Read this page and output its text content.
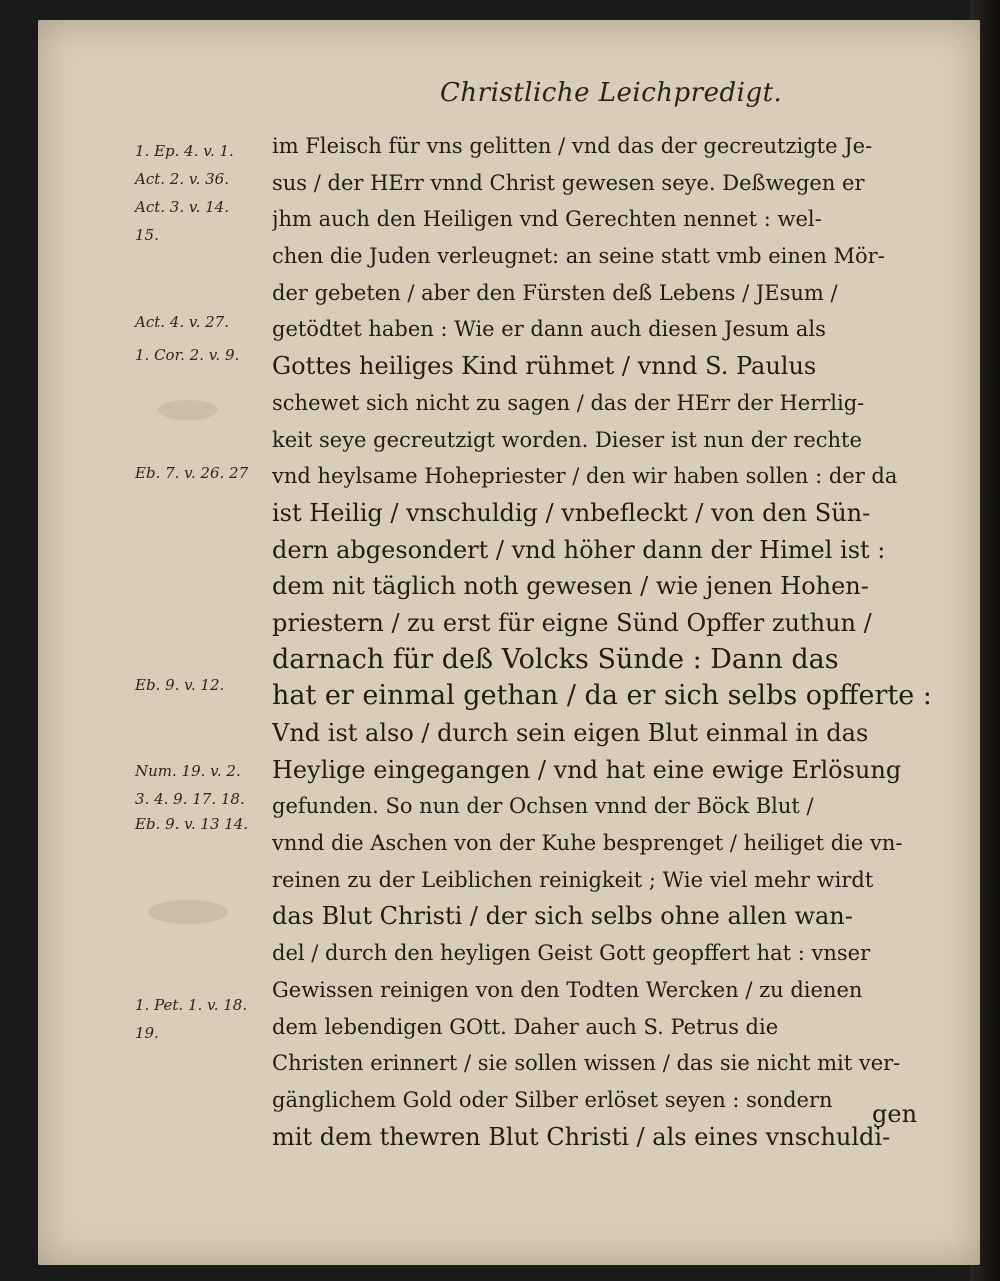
Christliche Leichpredigt.
1. Ep. 4. v. 1.
Act. 2. v. 36.
Act. 3. v. 14.
15.
Act. 4. v. 27.
1. Cor. 2. v. 9.
Eb. 7. v. 26. 27
Eb. 9. v. 12.
Num. 19. v. 2.
3. 4. 9. 17. 18.
Eb. 9. v. 13 14.
1. Pet. 1. v. 18.
19.
im Fleisch für vns gelitten / vnd das der gecreutzigte Je-
sus / der HErr vnnd Christ gewesen seye. Deßwegen er
jhm auch den Heiligen vnd Gerechten nennet : wel-
chen die Juden verleugnet: an seine statt vmb einen Mör-
der gebeten / aber den Fürsten deß Lebens / JEsum /
getödtet haben : Wie er dann auch diesen Jesum als
Gottes heiliges Kind rühmet / vnnd S. Paulus
schewet sich nicht zu sagen / das der HErr der Herrlig-
keit seye gecreutzigt worden. Dieser ist nun der rechte
vnd heylsame Hohepriester / den wir haben sollen : der da
ist Heilig / vnschuldig / vnbefleckt / von den Sün-
dern abgesondert / vnd höher dann der Himel ist :
dem nit täglich noth gewesen / wie jenen Hohen-
priestern / zu erst für eigne Sünd Opffer zuthun /
darnach für deß Volcks Sünde : Dann das
hat er einmal gethan / da er sich selbs opfferte :
Vnd ist also / durch sein eigen Blut einmal in das
Heylige eingegangen / vnd hat eine ewige Erlösung
gefunden. So nun der Ochsen vnnd der Böck Blut /
vnnd die Aschen von der Kuhe besprenget / heiliget die vn-
reinen zu der Leiblichen reinigkeit ; Wie viel mehr wirdt
das Blut Christi / der sich selbs ohne allen wan-
del / durch den heyligen Geist Gott geopffert hat : vnser
Gewissen reinigen von den Todten Wercken / zu dienen
dem lebendigen GOtt. Daher auch S. Petrus die
Christen erinnert / sie sollen wissen / das sie nicht mit ver-
gänglichem Gold oder Silber erlöset seyen : sondern
mit dem thewren Blut Christi / als eines vnschuldi-
gen
